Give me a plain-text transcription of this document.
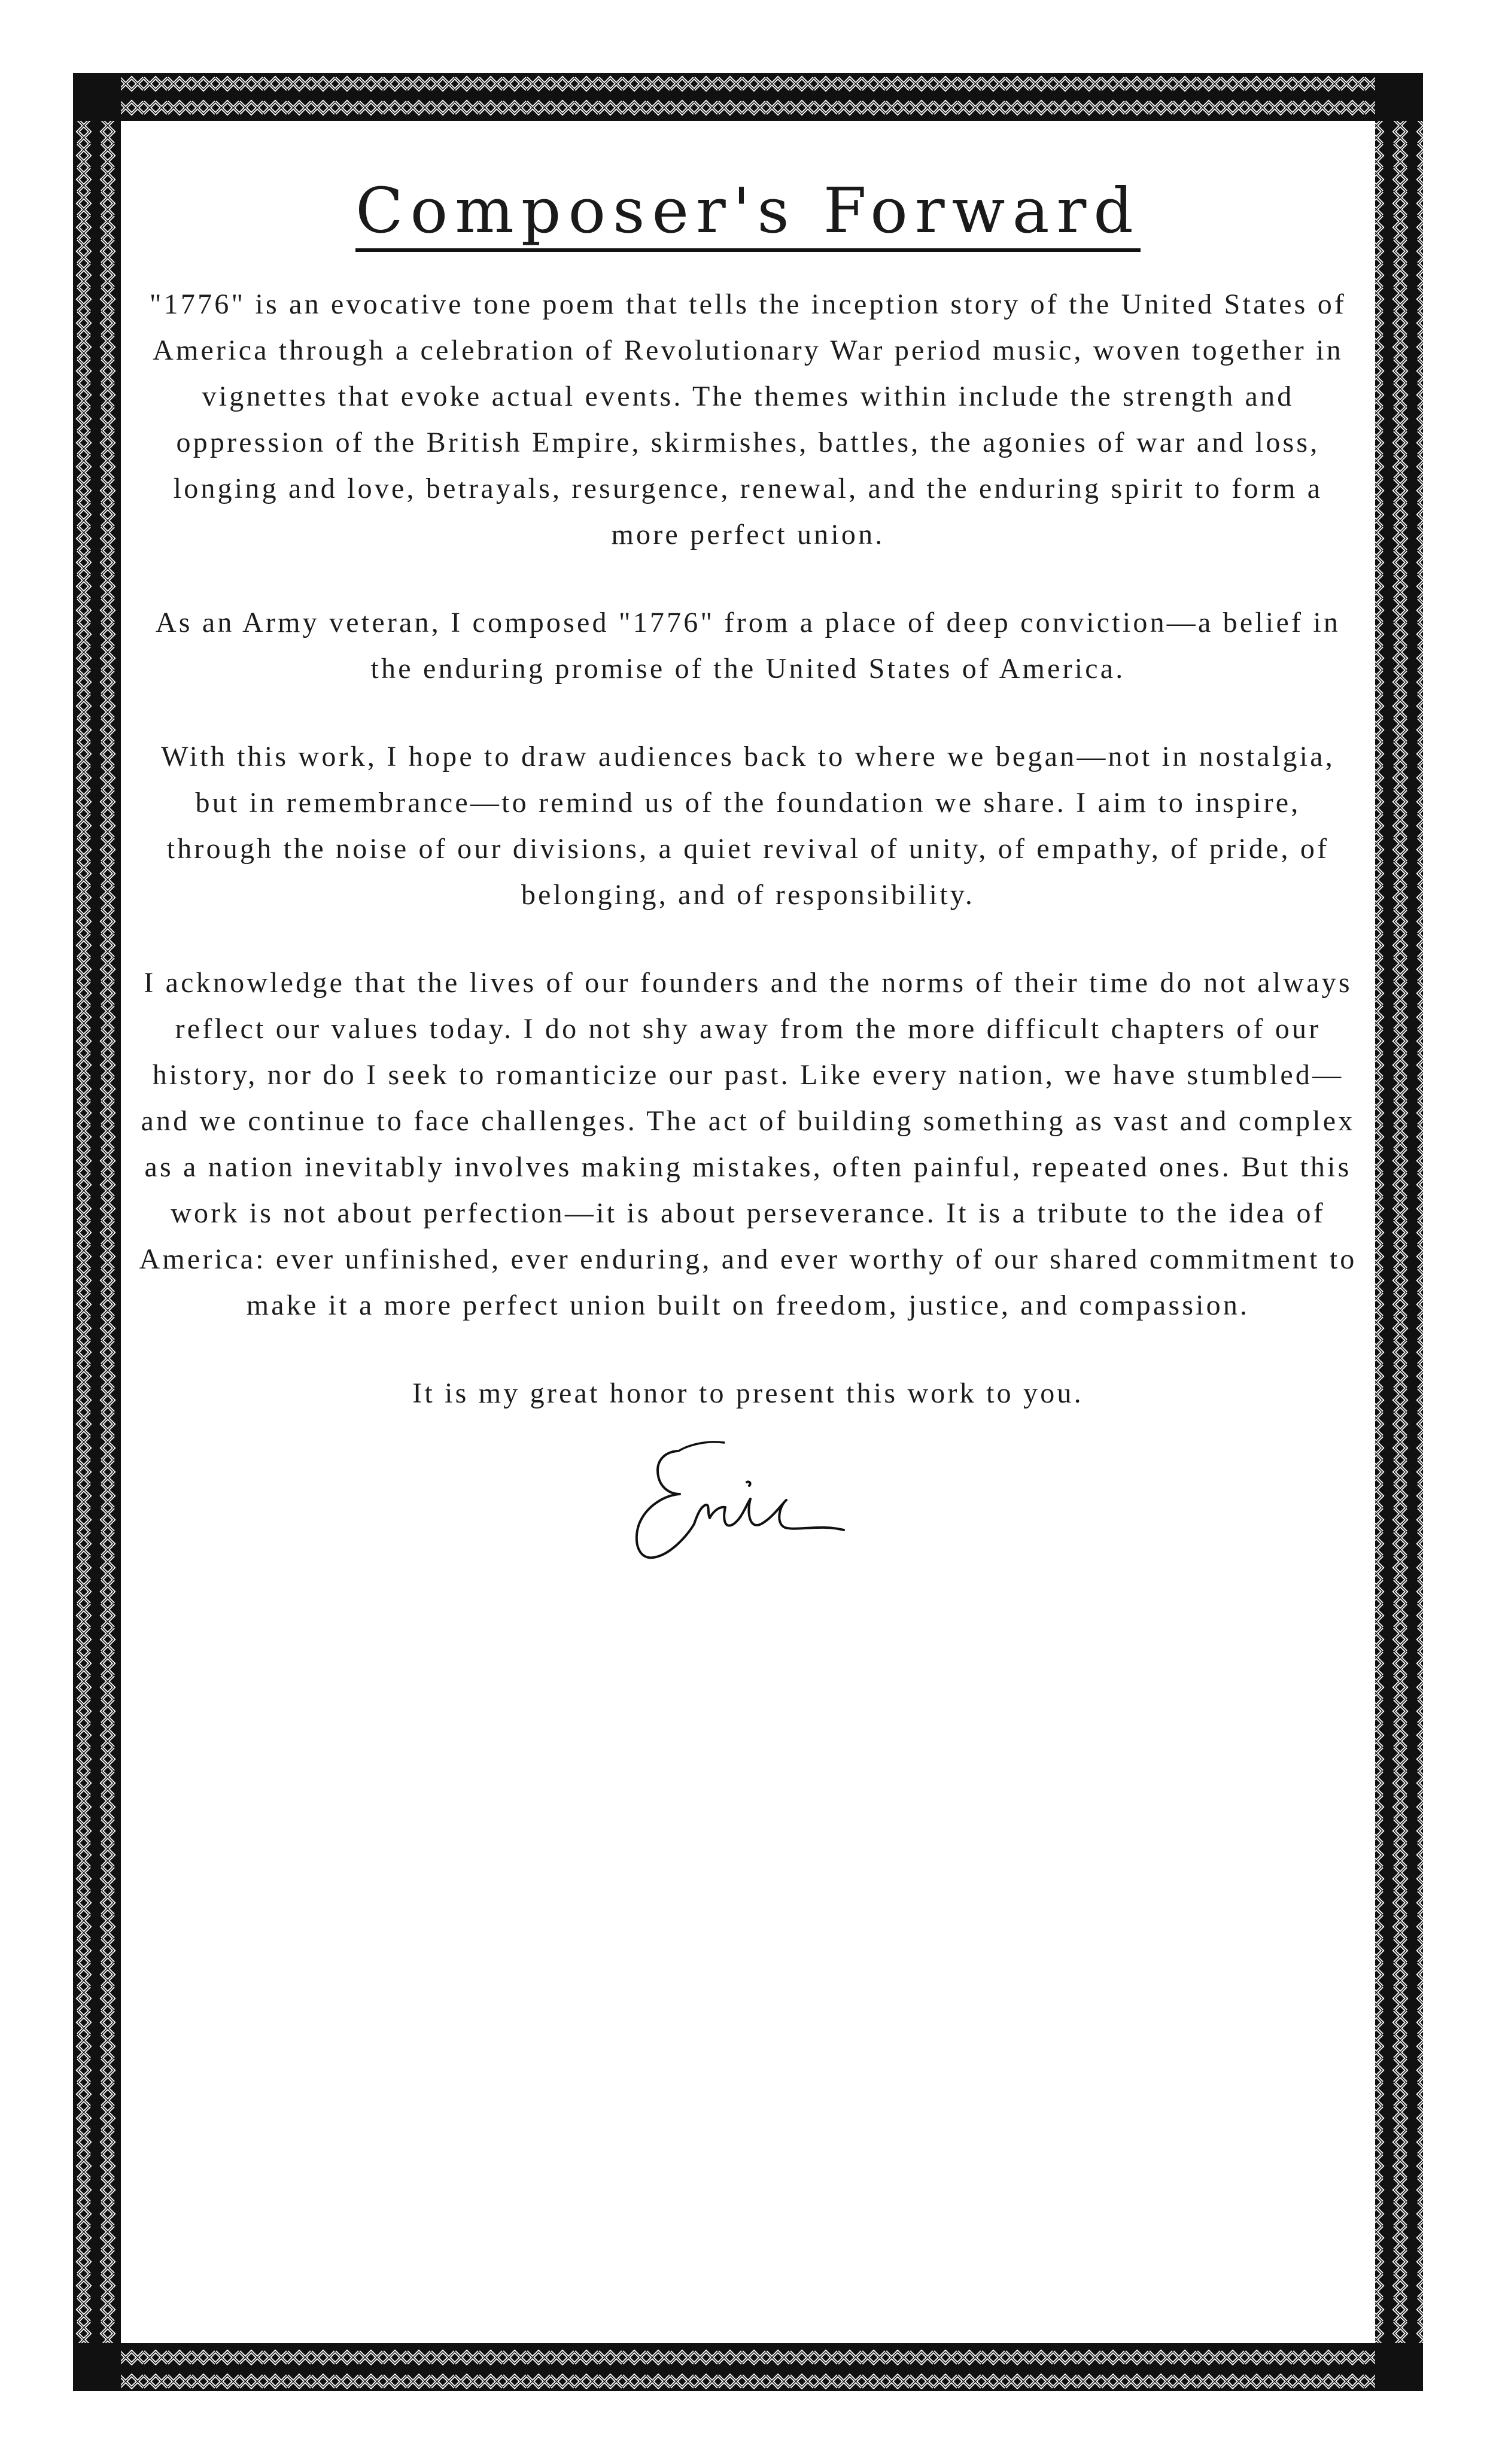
Composer's Forward

"1776" is an evocative tone poem that tells the inception story of the United States of America through a celebration of Revolutionary War period music, woven together in vignettes that evoke actual events. The themes within include the strength and oppression of the British Empire, skirmishes, battles, the agonies of war and loss, longing and love, betrayals, resurgence, renewal, and the enduring spirit to form a more perfect union.

As an Army veteran, I composed "1776" from a place of deep conviction—a belief in the enduring promise of the United States of America.

With this work, I hope to draw audiences back to where we began—not in nostalgia, but in remembrance—to remind us of the foundation we share. I aim to inspire, through the noise of our divisions, a quiet revival of unity, of empathy, of pride, of belonging, and of responsibility.

I acknowledge that the lives of our founders and the norms of their time do not always reflect our values today. I do not shy away from the more difficult chapters of our history, nor do I seek to romanticize our past. Like every nation, we have stumbled—and we continue to face challenges. The act of building something as vast and complex as a nation inevitably involves making mistakes, often painful, repeated ones. But this work is not about perfection—it is about perseverance. It is a tribute to the idea of America: ever unfinished, ever enduring, and ever worthy of our shared commitment to make it a more perfect union built on freedom, justice, and compassion.

It is my great honor to present this work to you.
